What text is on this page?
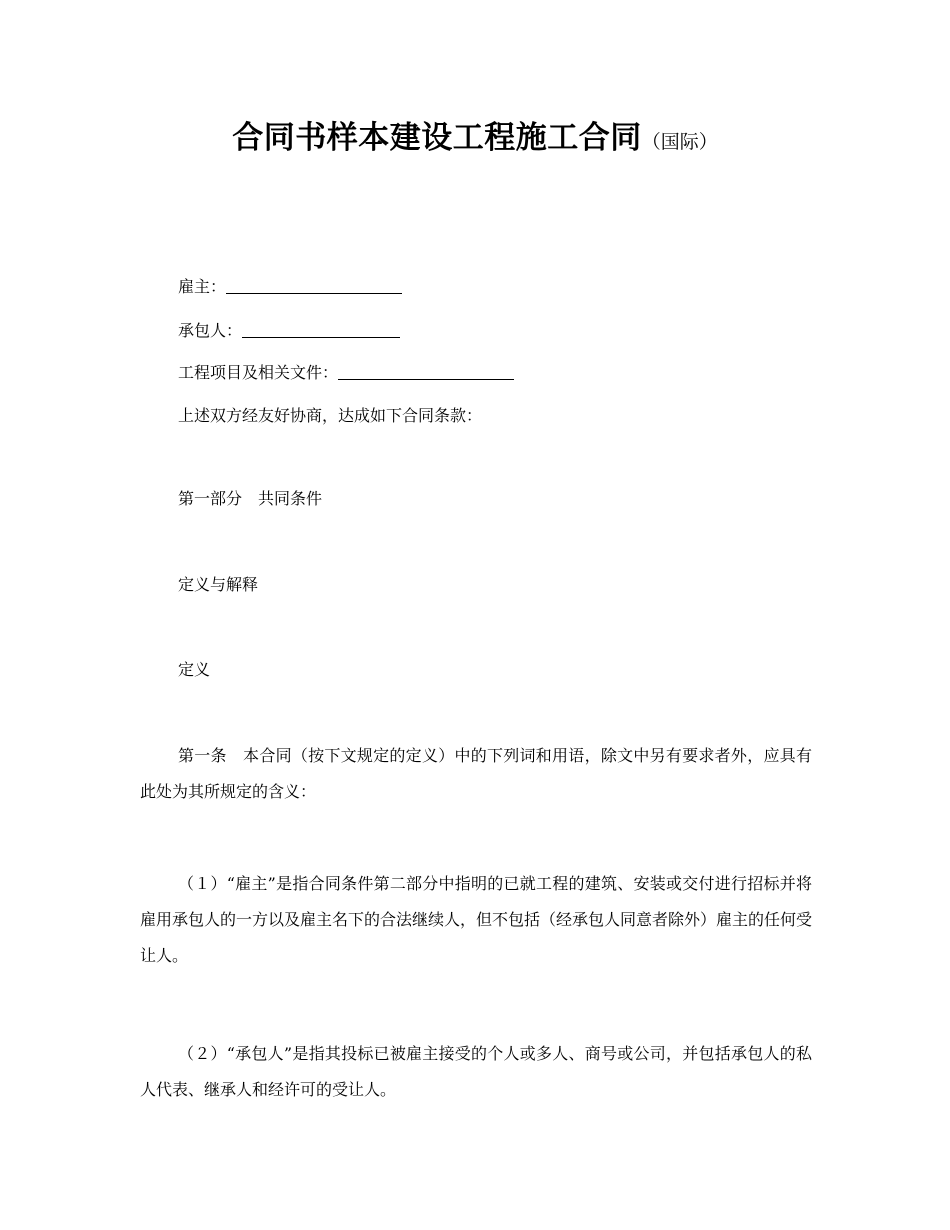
合同书样本建设工程施工合同（国际）
雇主：
承包人：
工程项目及相关文件：
上述双方经友好协商，达成如下合同条款：
第一部分　共同条件
定义与解释
定义
第一条　本合同（按下文规定的定义）中的下列词和用语，除文中另有要求者外，应具有此处为其所规定的含义：
（１）“雇主”是指合同条件第二部分中指明的已就工程的建筑、安装或交付进行招标并将雇用承包人的一方以及雇主名下的合法继续人，但不包括（经承包人同意者除外）雇主的任何受让人。
（２）“承包人”是指其投标已被雇主接受的个人或多人、商号或公司，并包括承包人的私人代表、继承人和经许可的受让人。
